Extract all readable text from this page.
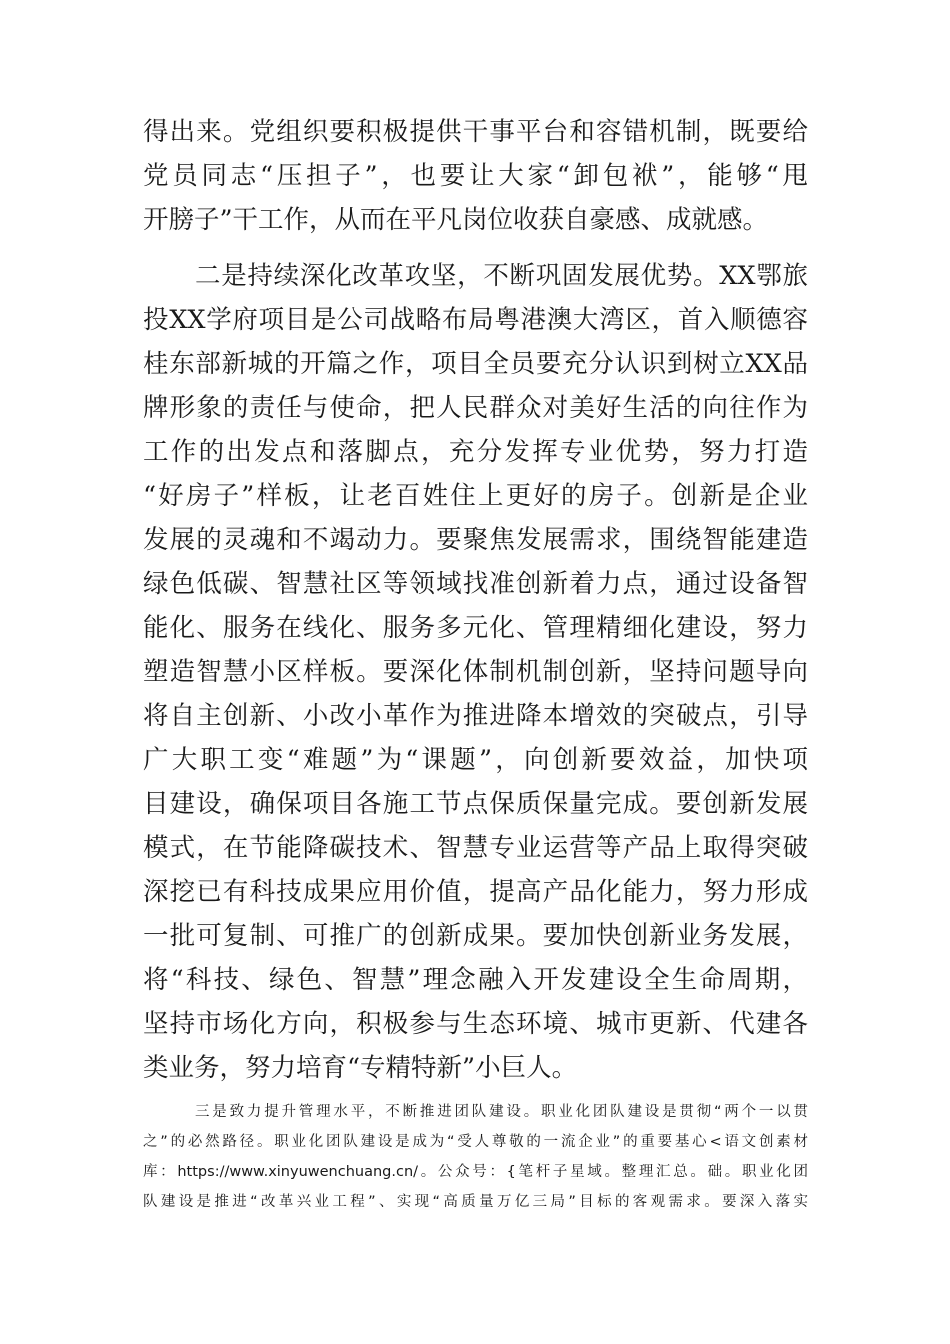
得出来。党组织要积极提供干事平台和容错机制，既要给
党员同志“压担子”，也要让大家“卸包袱”，能够“甩
开膀子”干工作，从而在平凡岗位收获自豪感、成就感。
二是持续深化改革攻坚，不断巩固发展优势。XX鄂旅
投XX学府项目是公司战略布局粤港澳大湾区，首入顺德容
桂东部新城的开篇之作，项目全员要充分认识到树立XX品
牌形象的责任与使命，把人民群众对美好生活的向往作为
工作的出发点和落脚点，充分发挥专业优势，努力打造
“好房子”样板，让老百姓住上更好的房子。创新是企业
发展的灵魂和不竭动力。要聚焦发展需求，围绕智能建造
绿色低碳、智慧社区等领域找准创新着力点，通过设备智
能化、服务在线化、服务多元化、管理精细化建设，努力
塑造智慧小区样板。要深化体制机制创新，坚持问题导向
将自主创新、小改小革作为推进降本增效的突破点，引导
广大职工变“难题”为“课题”，向创新要效益，加快项
目建设，确保项目各施工节点保质保量完成。要创新发展
模式，在节能降碳技术、智慧专业运营等产品上取得突破
深挖已有科技成果应用价值，提高产品化能力，努力形成
一批可复制、可推广的创新成果。要加快创新业务发展，
将“科技、绿色、智慧”理念融入开发建设全生命周期，
坚持市场化方向，积极参与生态环境、城市更新、代建各
类业务，努力培育“专精特新”小巨人。
三是致力提升管理水平，不断推进团队建设。职业化团队建设是贯彻“两个一以贯
之”的必然路径。职业化团队建设是成为“受人尊敬的一流企业”的重要基心<语文创素材
库：https://www.xinyuwenchuang.cn/。公众号：{笔杆子星域。整理汇总。础。职业化团
队建设是推进“改革兴业工程”、实现“高质量万亿三局”目标的客观需求。要深入落实
